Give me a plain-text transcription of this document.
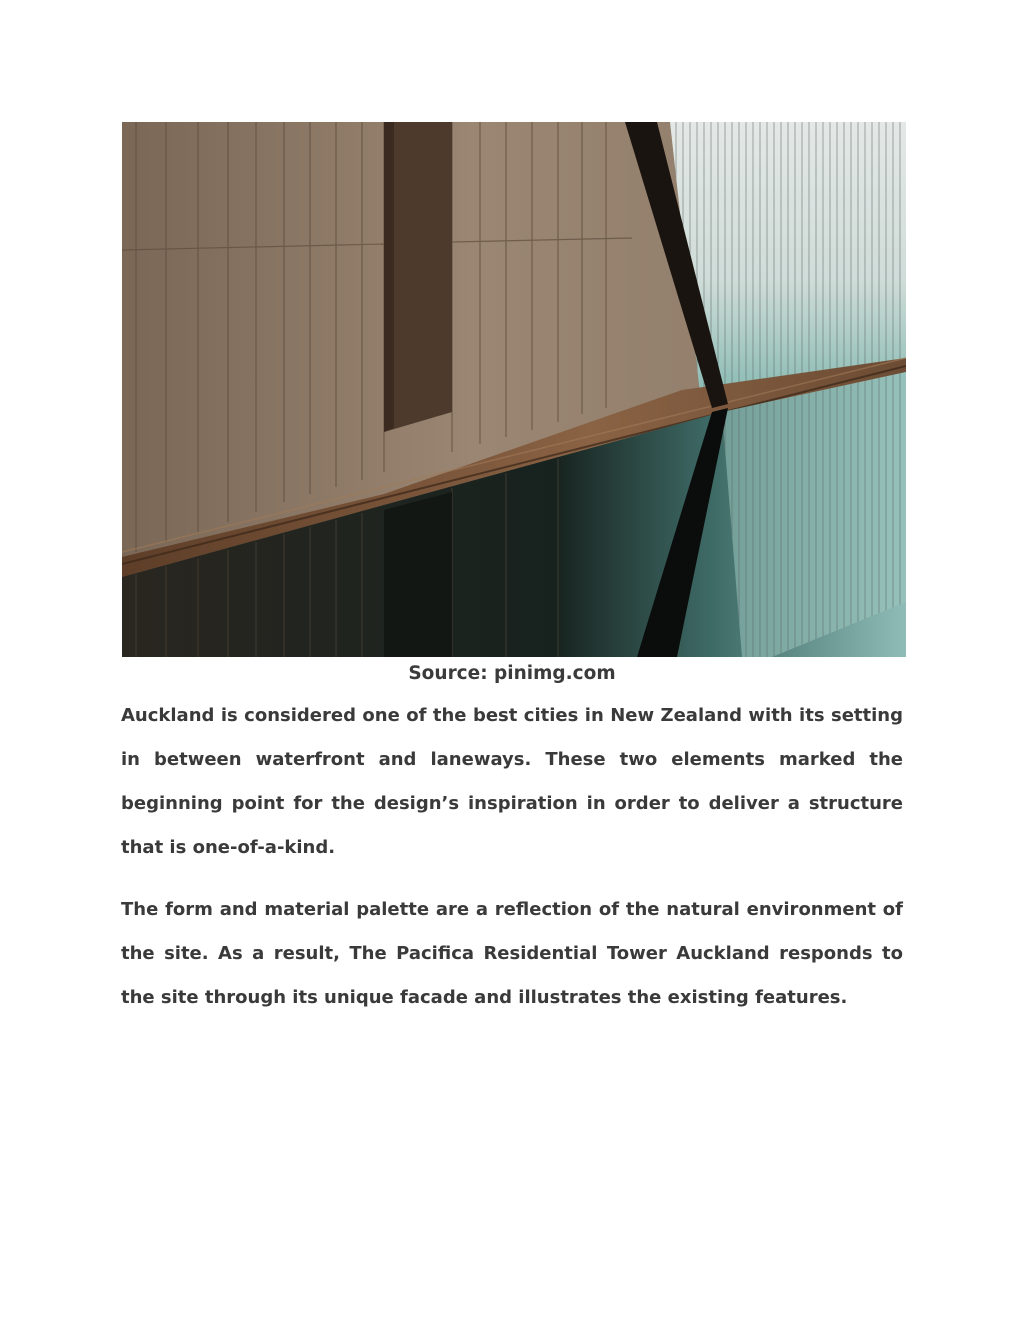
Source: pinimg.com

Auckland is considered one of the best cities in New Zealand with its setting in between waterfront and laneways. These two elements marked the beginning point for the design’s inspiration in order to deliver a structure that is one-of-a-kind.

The form and material palette are a reflection of the natural environment of the site. As a result, The Pacifica Residential Tower Auckland responds to the site through its unique facade and illustrates the existing features.
